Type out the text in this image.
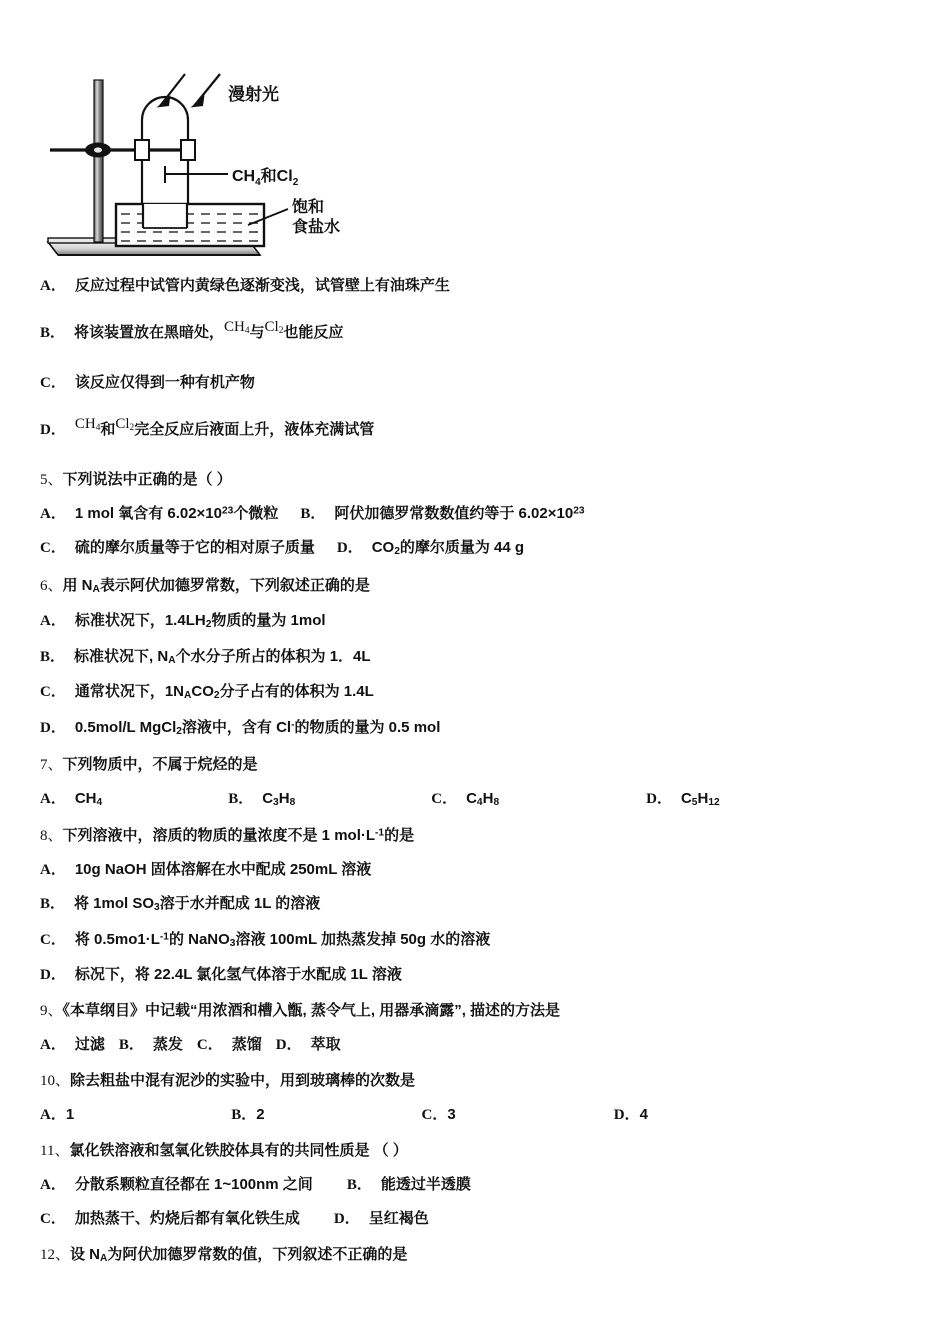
漫射光
$CH_4$和$Cl_2$
饱和
食盐水
A． 反应过程中试管内黄绿色逐渐变浅，试管壁上有油珠产生
B． 将该装置放在黑暗处，$CH_4$与$Cl_2$也能反应
C． 该反应仅得到一种有机产物
D． $CH_4$和$Cl_2$完全反应后液面上升，液体充满试管
5、下列说法中正确的是（ ）
A． 1 mol 氧含有 $6.02\times 10^{23}$个微粒 B． 阿伏加德罗常数数值约等于 $6.02\times 10^{23}$
C． 硫的摩尔质量等于它的相对原子质量 D． $CO_2$的摩尔质量为 44 g
6、用 $N_A$表示阿伏加德罗常数，下列叙述正确的是
A． 标准状况下，$1.4LH_2$物质的量为 1mol
B． 标准状况下, $N_A$个水分子所占的体积为 1．4L
C． 通常状况下，$1N_ACO_2$分子占有的体积为 1.4L
D． 0.5mol/L MgCl$_2$溶液中，含有 Cl-的物质的量为 0.5 mol
7、下列物质中，不属于烷烃的是
A． $CH_4$	B． $C_3H_8$	C． $C_4H_8$	D． $C_5H_{12}$
8、下列溶液中，溶质的物质的量浓度不是 1 $mol\cdot L^{-1}$的是
A． 10g NaOH 固体溶解在水中配成 250mL 溶液
B． 将 1mol $SO_3$溶于水并配成 1L 的溶液
C． 将 $0.5mo1\cdot L^{-1}$的 NaNO$_3$溶液 100mL 加热蒸发掉 50g 水的溶液
D． 标况下，将 22.4L 氯化氢气体溶于水配成 1L 溶液
9、《本草纲目》中记载“用浓酒和槽入甑, 蒸令气上, 用器承滴露”, 描述的方法是
A． 过滤 B． 蒸发 C． 蒸馏 D． 萃取
10、除去粗盐中混有泥沙的实验中，用到玻璃棒的次数是
A．1	B．2	C．3	D．4
11、氯化铁溶液和氢氧化铁胶体具有的共同性质是 （ ）
A． 分散系颗粒直径都在 1~100nm 之间 B． 能透过半透膜
C． 加热蒸干、灼烧后都有氧化铁生成 D． 呈红褐色
12、设 $N_A$为阿伏加德罗常数的值，下列叙述不正确的是
